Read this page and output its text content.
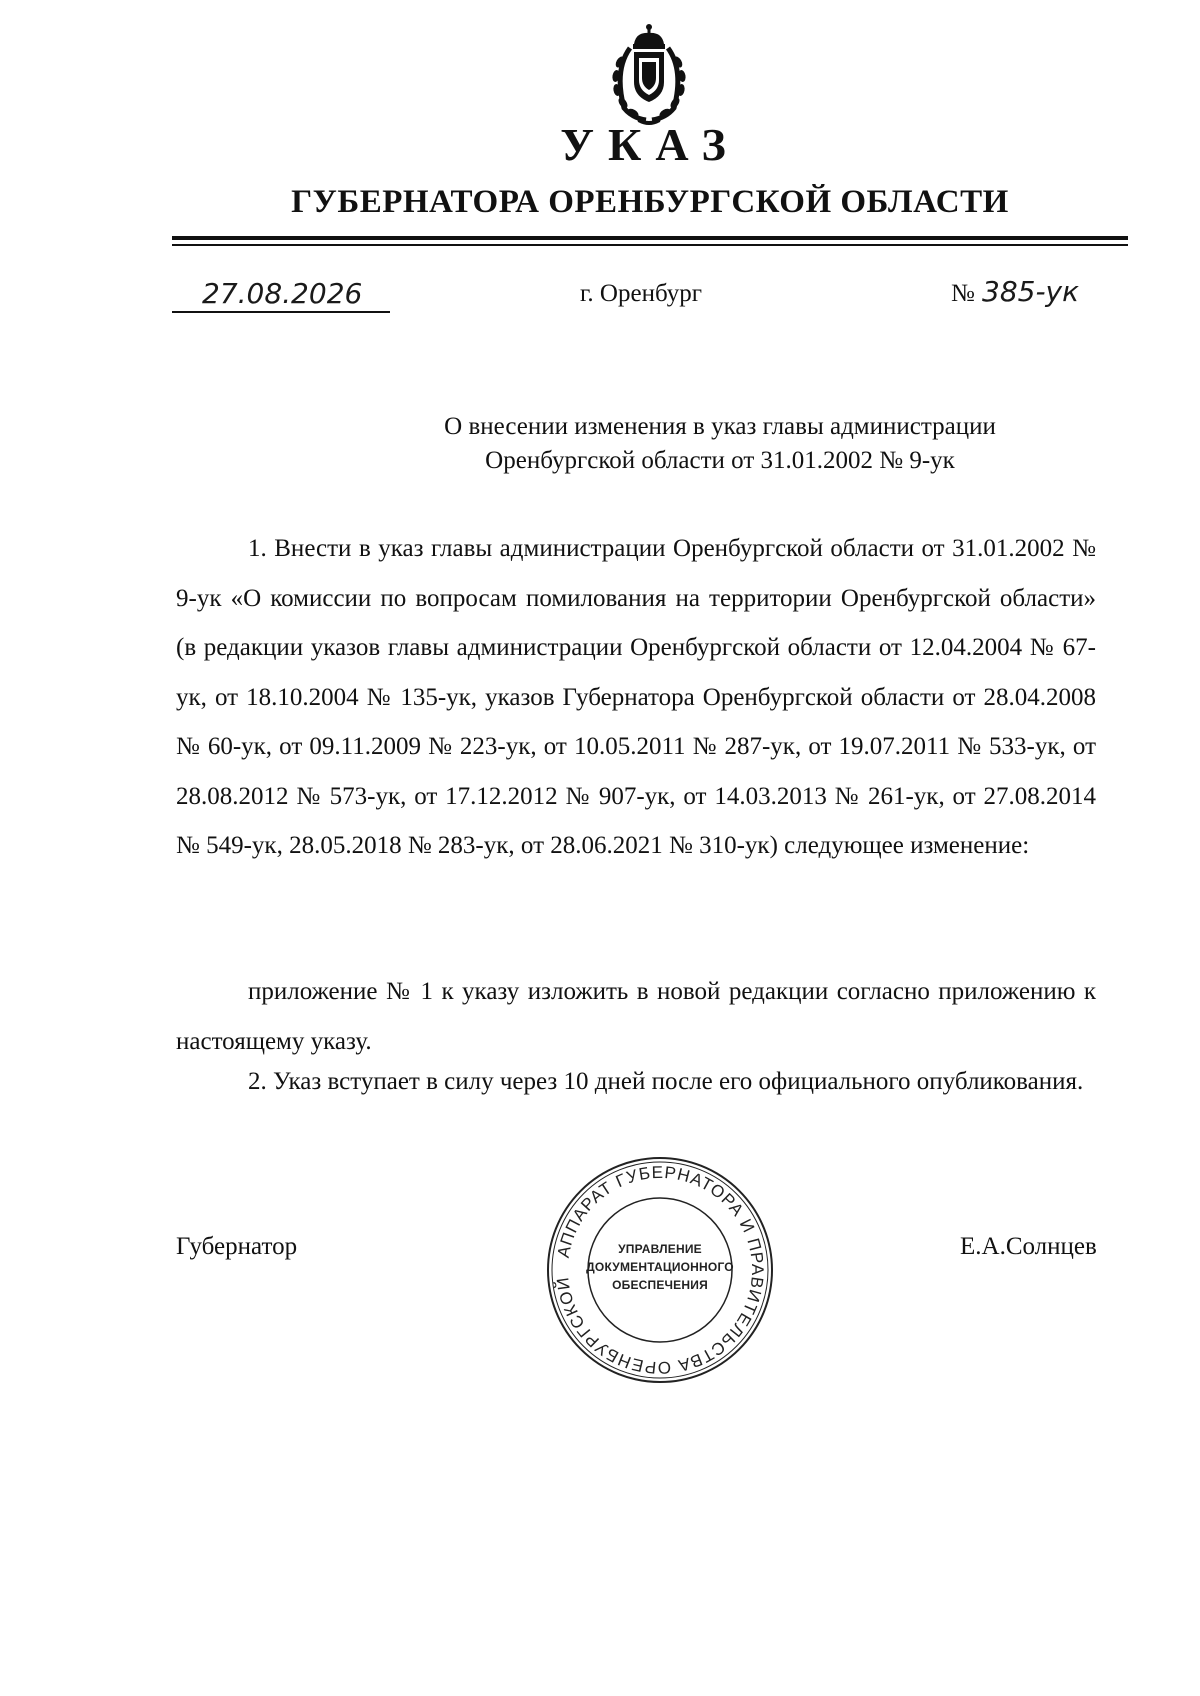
УКАЗ
ГУБЕРНАТОРА ОРЕНБУРГСКОЙ ОБЛАСТИ
27.08.2026	г. Оренбург	№ 385-ук
О внесении изменения в указ главы администрации
Оренбургской области от 31.01.2002 № 9-ук
1. Внести в указ главы администрации Оренбургской области от 31.01.2002 № 9-ук «О комиссии по вопросам помилования на территории Оренбургской области» (в редакции указов главы администрации Оренбургской области от 12.04.2004 № 67-ук, от 18.10.2004 № 135-ук, указов Губернатора Оренбургской области от 28.04.2008 № 60-ук, от 09.11.2009 № 223-ук, от 10.05.2011 № 287-ук, от 19.07.2011 № 533-ук, от 28.08.2012 № 573-ук, от 17.12.2012 № 907-ук, от 14.03.2013 № 261-ук, от 27.08.2014 № 549-ук, 28.05.2018 № 283-ук, от 28.06.2021 № 310-ук) следующее изменение:
приложение № 1 к указу изложить в новой редакции согласно приложению к настоящему указу.
2. Указ вступает в силу через 10 дней после его официального опубликования.
Губернатор	Е.А.Солнцев
АППАРАТ ГУБЕРНАТОРА И ПРАВИТЕЛЬСТВА ОРЕНБУРГСКОЙ
УПРАВЛЕНИЕ
ДОКУМЕНТАЦИОННОГО
ОБЕСПЕЧЕНИЯ
